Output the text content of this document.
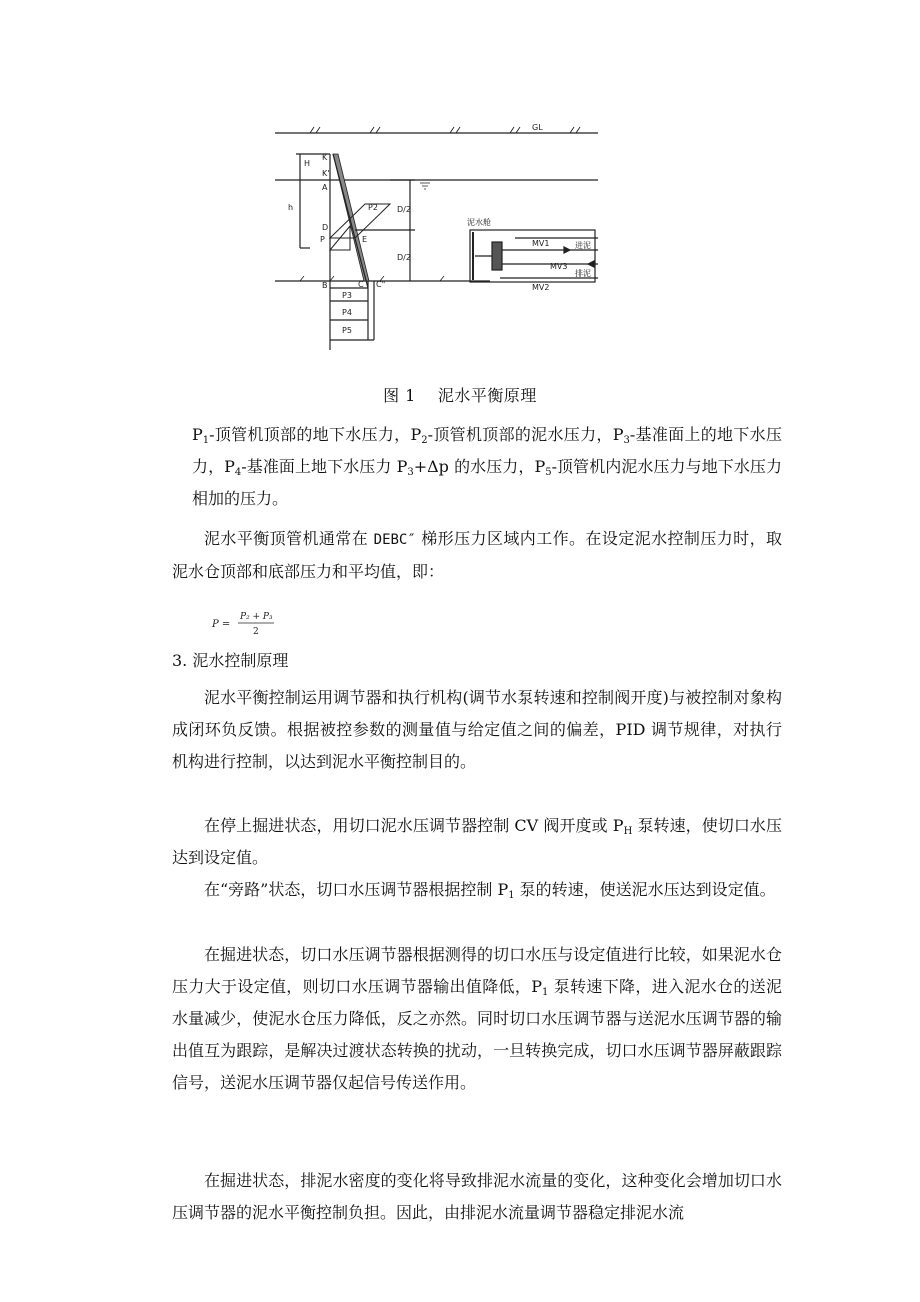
GL
K
K'
A
B	C C"
D
E
P
P2
P3
P4
P5
h
H
D/2
D/2
泥水舱
MV1
MV2
MV3
进泥
排泥
图 1 泥水平衡原理
$P_1-$顶管机顶部的地下水压力，$P_2-$顶管机顶部的泥水压力，$P_3-$基准面上的地下水压力，$P_4-$基准面上地下水压力 $P_3+\Delta p$ 的水压力，$P_5-$顶管机内泥水压力与地下水压力相加的压力。
泥水平衡顶管机通常在 DEBC″ 梯形压力区域内工作。在设定泥水控制压力时，取泥水仓顶部和底部压力和平均值，即：
P =
P₂ + P₃
2
3. 泥水控制原理
泥水平衡控制运用调节器和执行机构(调节水泵转速和控制阀开度)与被控制对象构成闭环负反馈。根据被控参数的测量值与给定值之间的偏差，PID 调节规律，对执行机构进行控制，以达到泥水平衡控制目的。
在停上掘进状态，用切口泥水压调节器控制 CV 阀开度或 $P_H$ 泵转速，使切口水压达到设定值。
在“旁路”状态，切口水压调节器根据控制 $P_1$ 泵的转速，使送泥水压达到设定值。
在掘进状态，切口水压调节器根据测得的切口水压与设定值进行比较，如果泥水仓压力大于设定值，则切口水压调节器输出值降低，$P_1$ 泵转速下降，进入泥水仓的送泥水量减少，使泥水仓压力降低，反之亦然。同时切口水压调节器与送泥水压调节器的输出值互为跟踪，是解决过渡状态转换的扰动，一旦转换完成，切口水压调节器屏蔽跟踪信号，送泥水压调节器仅起信号传送作用。
在掘进状态，排泥水密度的变化将导致排泥水流量的变化，这种变化会增加切口水压调节器的泥水平衡控制负担。因此，由排泥水流量调节器稳定排泥水流
